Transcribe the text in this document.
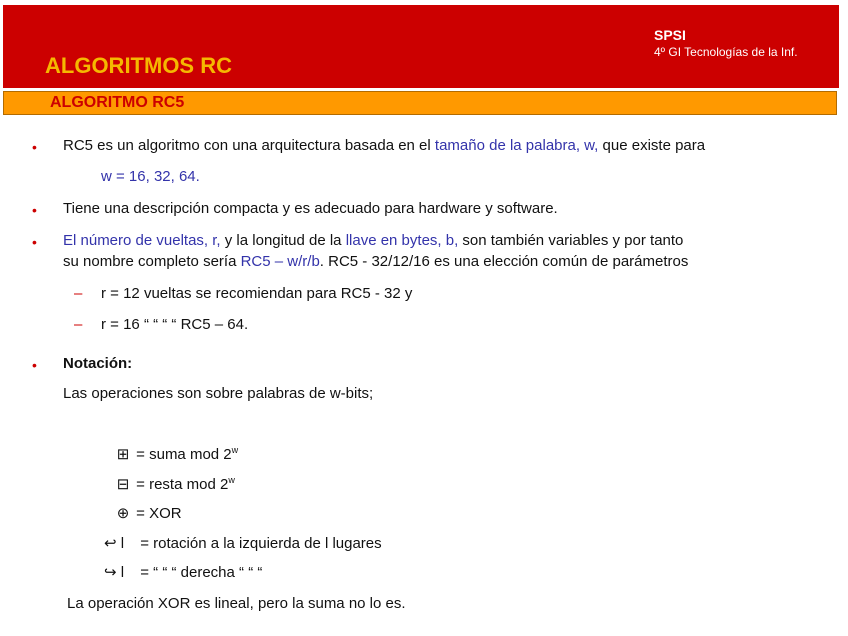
ALGORITMOS RC
SPSI
4º GI Tecnologías de la Inf.
ALGORITMO RC5
• RC5 es un algoritmo con una arquitectura basada en el tamaño de la palabra, w, que existe para
w = 16, 32, 64.
• Tiene una descripción compacta y es adecuado para hardware y software.
• El número de vueltas, r, y la longitud de la llave en bytes, b, son también variables y por tanto
su nombre completo sería RC5 – w/r/b. RC5 - 32/12/16 es una elección común de parámetros
– r = 12 vueltas se recomiendan para RC5 - 32 y
– r = 16 “ “ “ “ RC5 – 64.
• Notación:
Las operaciones son sobre palabras de w-bits;
⊞ = suma mod 2$^w$
⊟ = resta mod 2$^w$
⊕ = XOR
↩ l = rotación a la izquierda de l lugares
↪ l = “ “ “ derecha “ “ “
La operación XOR es lineal, pero la suma no lo es.
